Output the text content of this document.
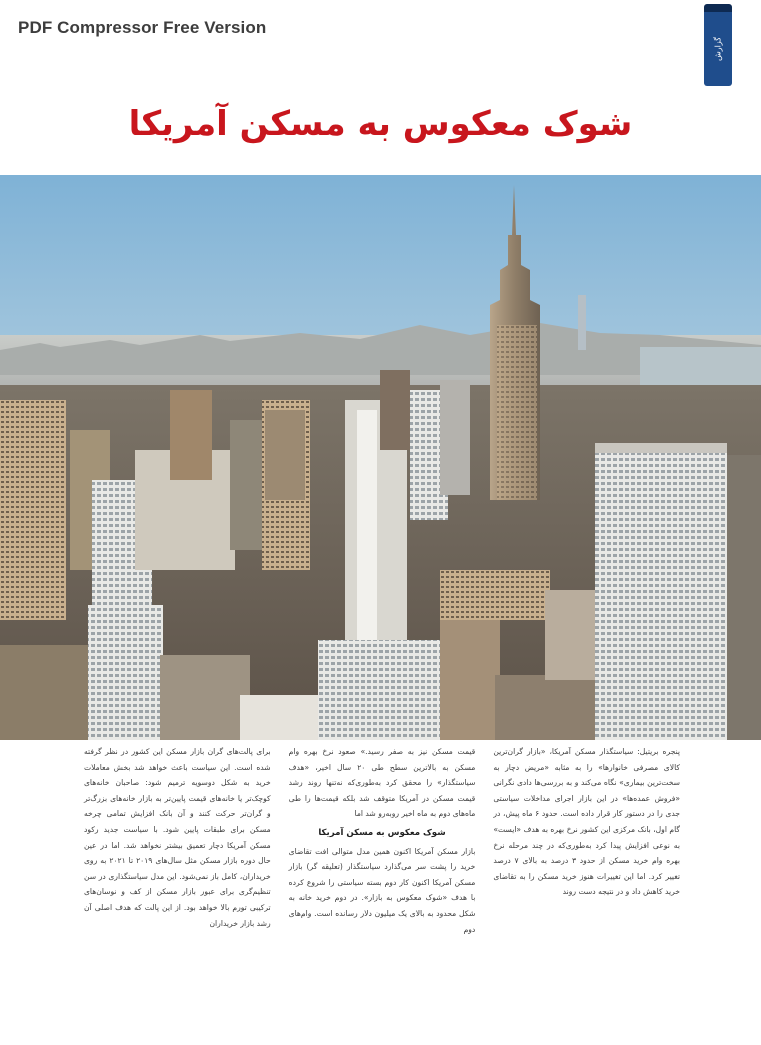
PDF Compressor Free Version
گزارش
شوک معکوس به مسکن آمریکا

پنجره بریتیل: سیاستگذار مسکن آمریکا، «بازار گران‌ترین کالای مصرفی خانوارها» را به مثابه «مریض دچار به سخت‌ترین بیماری» نگاه می‌کند و به بررسی‌ها دادی نگرانی «فروش عمده‌ها» در این بازار اجرای مداخلات سیاستی جدی را در دستور کار قرار داده است. حدود ۶ ماه پیش، در گام اول، بانک مرکزی این کشور نرخ بهره به هدف «ایست» به نوعی افزایش پیدا کرد به‌طوری‌که در چند مرحله نرخ بهره وام خرید مسکن از حدود ۳ درصد به بالای ۷ درصد تغییر کرد. اما این تغییرات هنوز خرید مسکن را به تقاضای خرید کاهش داد و در نتیجه دست روند

قیمت مسکن نیز به صفر رسید.» صعود نرخ بهره وام مسکن به بالاترین سطح طی ۲۰ سال اخیر، «هدف سیاستگذار» را محقق کرد به‌طوری‌که نه‌تنها روند رشد قیمت مسکن در آمریکا متوقف شد بلکه قیمت‌ها را طی ماه‌های دوم به ماه اخیر روبه‌رو شد اما

شوک معکوس به مسکن آمریکا

بازار مسکن آمریکا اکنون همین مدل متوالی افت تقاضای خرید را پشت سر می‌گذارد سیاستگذار (تعلیقه گر) بازار مسکن آمریکا اکنون کار دوم بسته سیاستی را شروع کرده با هدف «شوک معکوس به بازار». در دوم خرید خانه به شکل محدود به بالای یک میلیون دلار رسانده است. وام‌های دوم

برای پالت‌های گران بازار مسکن این کشور در نظر گرفته شده است. این سیاست باعث خواهد شد بخش معاملات خرید به شکل دوسویه ترمیم شود: صاحبان خانه‌های کوچک‌تر یا خانه‌های قیمت پایین‌تر به بازار خانه‌های بزرگ‌تر و گران‌تر حرکت کنند و آن بانک افزایش تمامی چرخه مسکن برای طبقات پایین شود. با سیاست جدید رکود مسکن آمریکا دچار تعمیق بیشتر نخواهد شد. اما در عین حال دوره بازار مسکن مثل سال‌های ۲۰۱۹ تا ۲۰۲۱ به روی خریداران، کامل باز نمی‌شود. این مدل سیاستگذاری در سن تنظیم‌گری برای عبور بازار مسکن از کف و نوسان‌های ترکیبی تورم بالا خواهد بود. از این پالت که هدف اصلی آن رشد بازار خریداران
